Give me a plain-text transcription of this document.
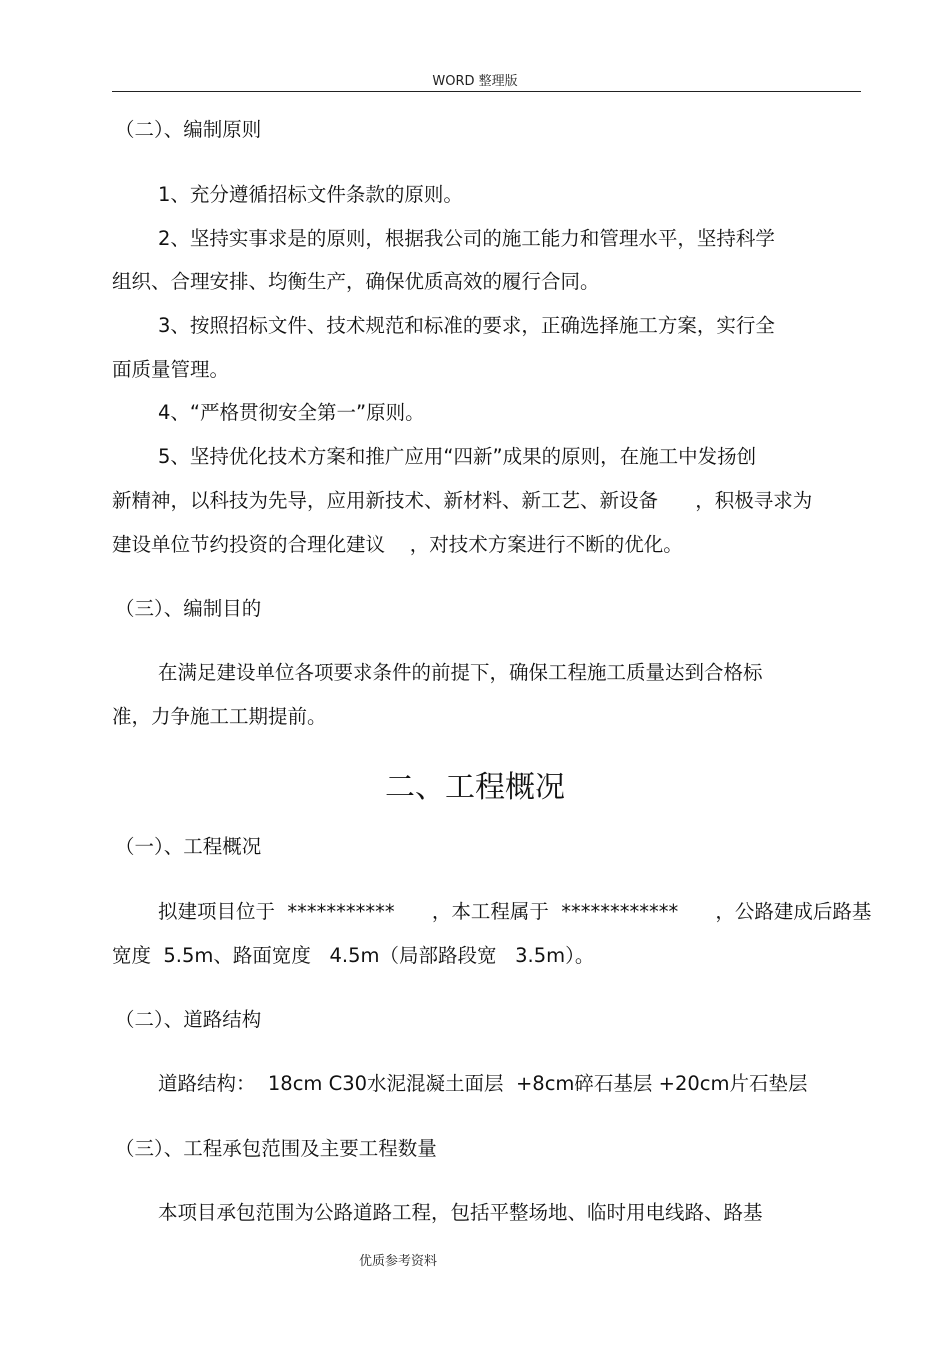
WORD 整理版

（二）、编制原则

1、充分遵循招标文件条款的原则。

2、坚持实事求是的原则，根据我公司的施工能力和管理水平，坚持科学

组织、合理安排、均衡生产，确保优质高效的履行合同。

3、按照招标文件、技术规范和标准的要求，正确选择施工方案，实行全

面质量管理。

4、“严格贯彻安全第一”原则。

5、坚持优化技术方案和推广应用“四新”成果的原则，在施工中发扬创

新精神，以科技为先导，应用新技术、新材料、新工艺、新设备      ，积极寻求为

建设单位节约投资的合理化建议    ，对技术方案进行不断的优化。

（三）、编制目的

在满足建设单位各项要求条件的前提下，确保工程施工质量达到合格标

准，力争施工工期提前。

二、工程概况

（一）、工程概况

拟建项目位于  ***********      ，本工程属于  ************      ，公路建成后路基

宽度  5.5m、路面宽度   4.5m（局部路段宽   3.5m）。

（二）、道路结构

道路结构：  18cm C30水泥混凝土面层  +8cm碎石基层 +20cm片石垫层

（三）、工程承包范围及主要工程数量

本项目承包范围为公路道路工程，包括平整场地、临时用电线路、路基

优质参考资料
